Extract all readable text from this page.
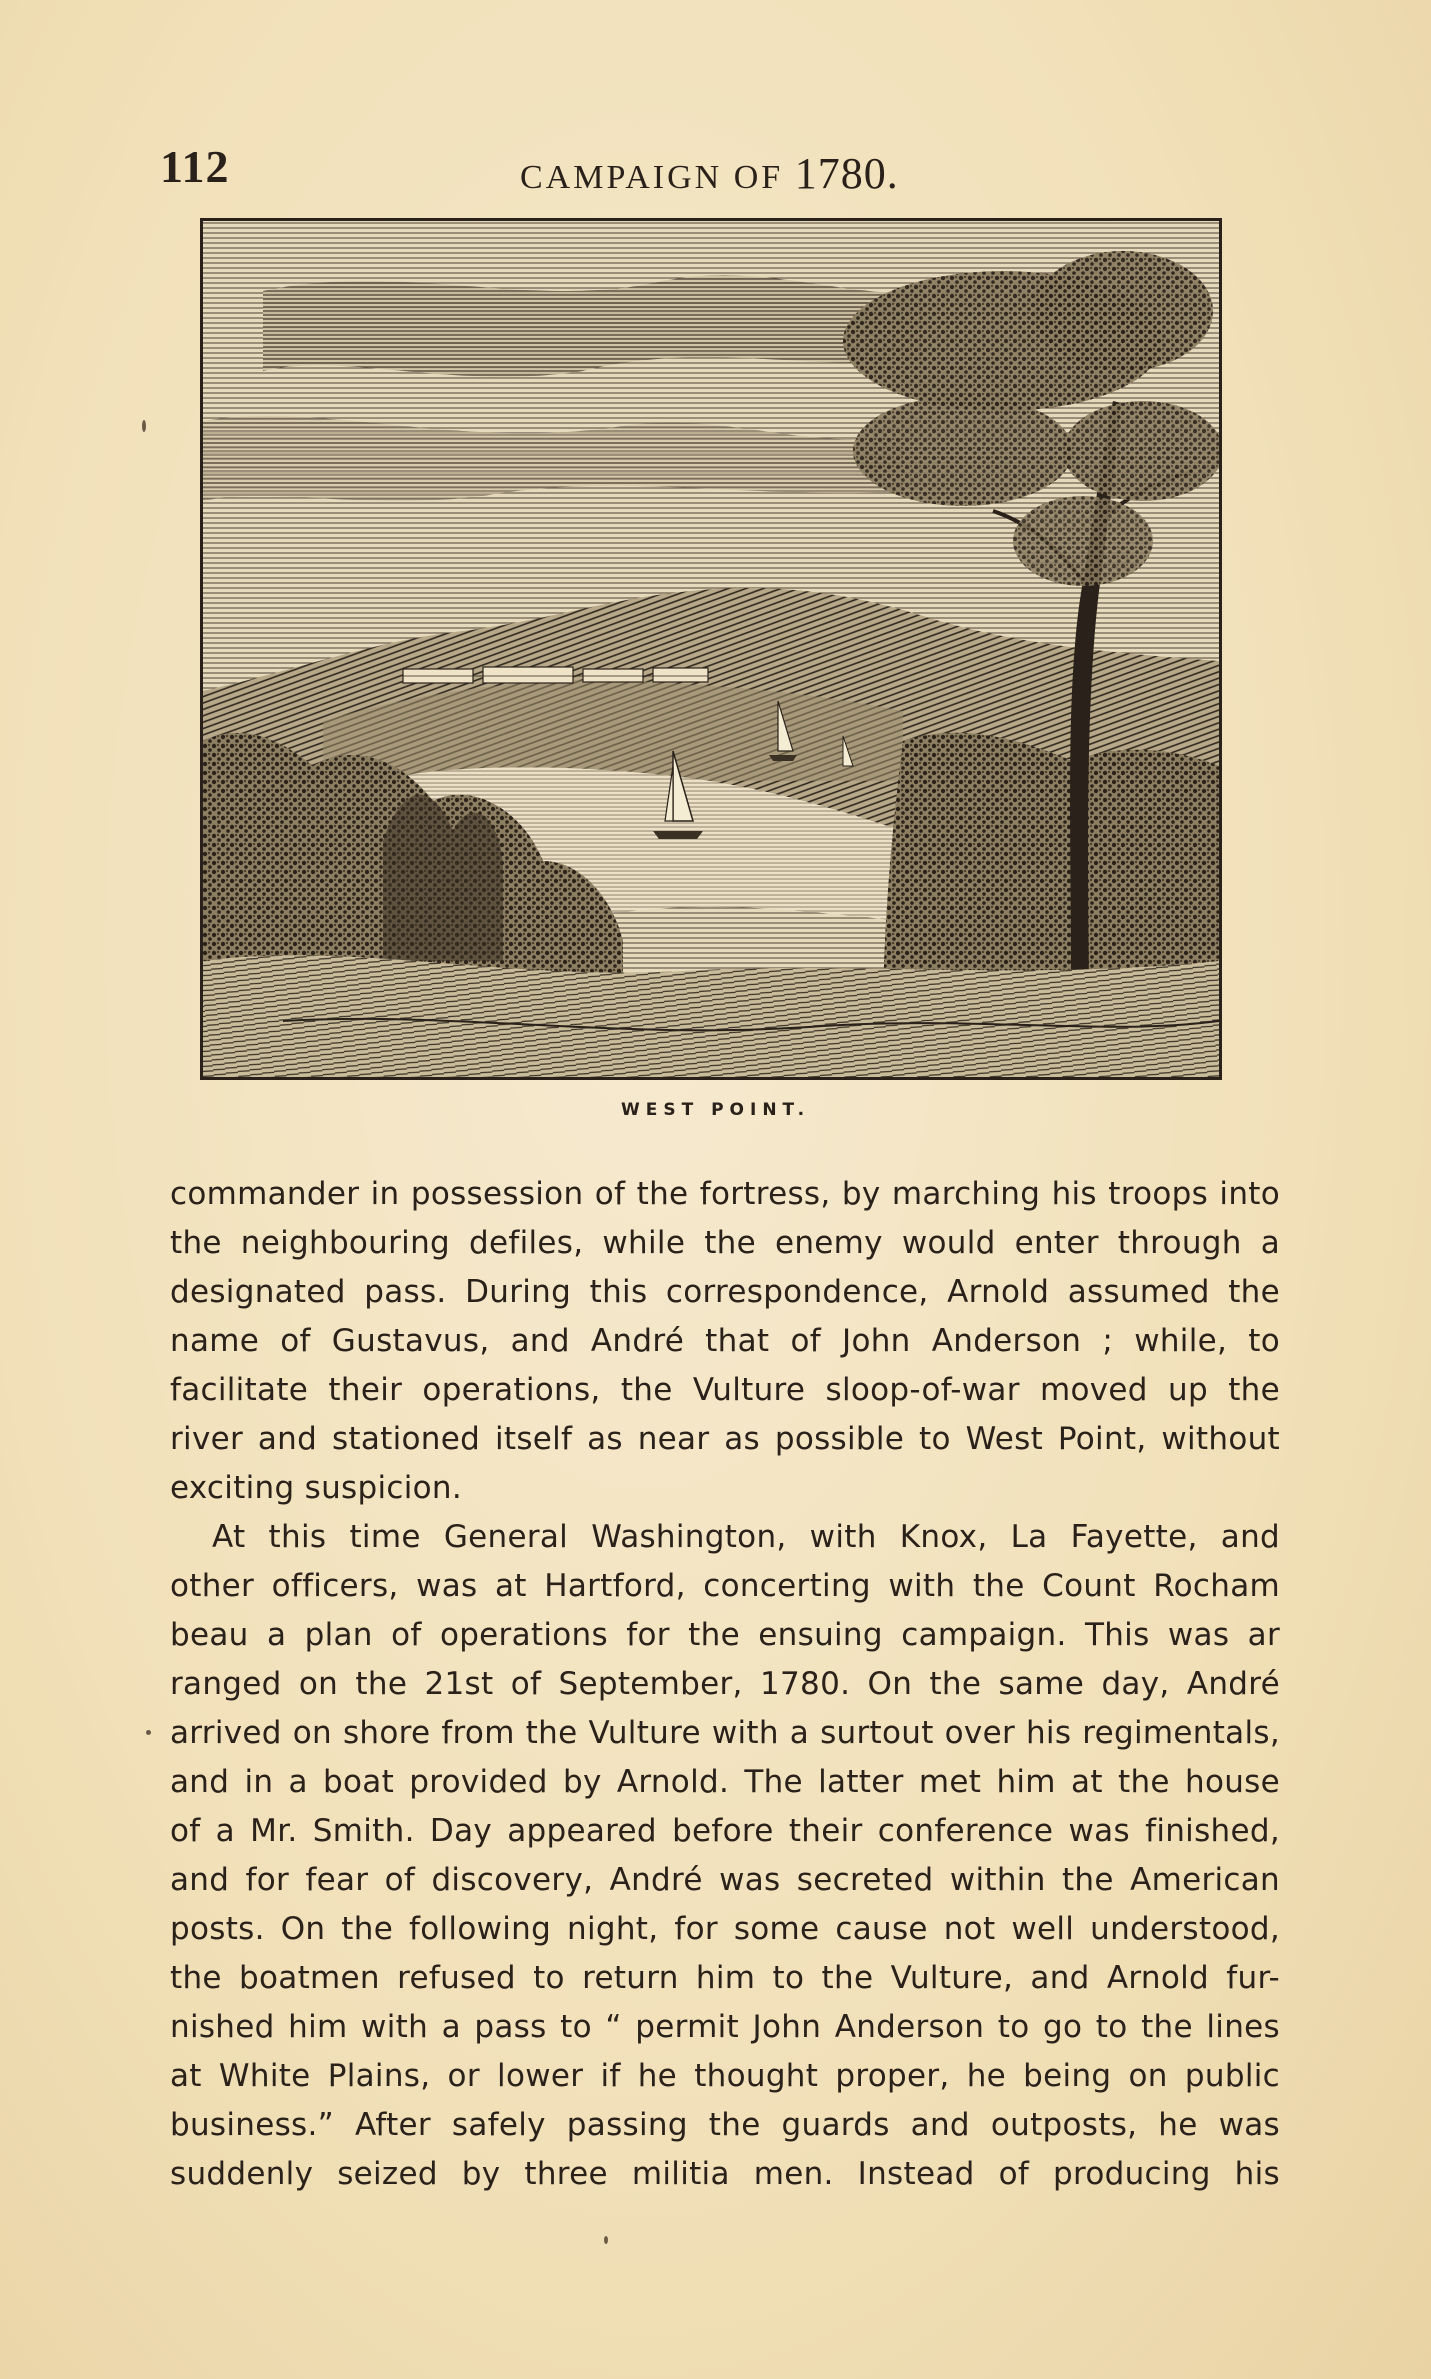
112	CAMPAIGN OF 1780.
WEST POINT.
commander in possession of the fortress, by marching his troops into
the neighbouring defiles, while the enemy would enter through a
designated pass. During this correspondence, Arnold assumed the
name of Gustavus, and André that of John Anderson ; while, to
facilitate their operations, the Vulture sloop-of-war moved up the
river and stationed itself as near as possible to West Point, without
exciting suspicion.
At this time General Washington, with Knox, La Fayette, and
other officers, was at Hartford, concerting with the Count Rocham
beau a plan of operations for the ensuing campaign. This was ar
ranged on the 21st of September, 1780. On the same day, André
arrived on shore from the Vulture with a surtout over his regimentals,
and in a boat provided by Arnold. The latter met him at the house
of a Mr. Smith. Day appeared before their conference was finished,
and for fear of discovery, André was secreted within the American
posts. On the following night, for some cause not well understood,
the boatmen refused to return him to the Vulture, and Arnold fur-
nished him with a pass to “ permit John Anderson to go to the lines
at White Plains, or lower if he thought proper, he being on public
business.” After safely passing the guards and outposts, he was
suddenly seized by three militia men. Instead of producing his
